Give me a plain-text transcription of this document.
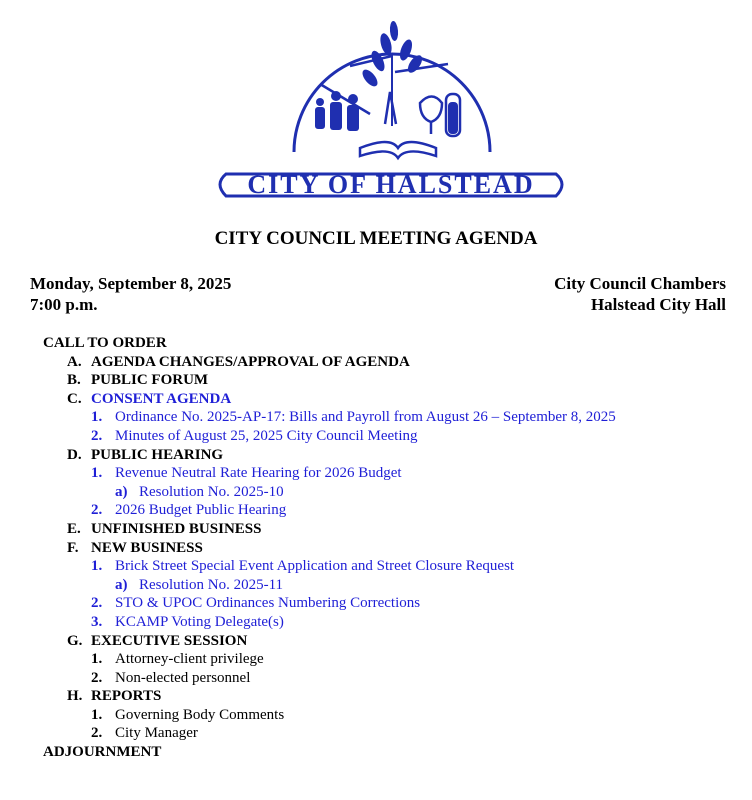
CITY OF HALSTEAD
CITY COUNCIL MEETING AGENDA
Monday, September 8, 2025
7:00 p.m.
City Council Chambers
Halstead City Hall
CALL TO ORDER
A. AGENDA CHANGES/APPROVAL OF AGENDA
B. PUBLIC FORUM
C. CONSENT AGENDA
1. Ordinance No. 2025-AP-17: Bills and Payroll from August 26 – September 8, 2025
2. Minutes of August 25, 2025 City Council Meeting
D. PUBLIC HEARING
1. Revenue Neutral Rate Hearing for 2026 Budget
a) Resolution No. 2025-10
2. 2026 Budget Public Hearing
E. UNFINISHED BUSINESS
F. NEW BUSINESS
1. Brick Street Special Event Application and Street Closure Request
a) Resolution No. 2025-11
2. STO & UPOC Ordinances Numbering Corrections
3. KCAMP Voting Delegate(s)
G. EXECUTIVE SESSION
1. Attorney-client privilege
2. Non-elected personnel
H. REPORTS
1. Governing Body Comments
2. City Manager
ADJOURNMENT
